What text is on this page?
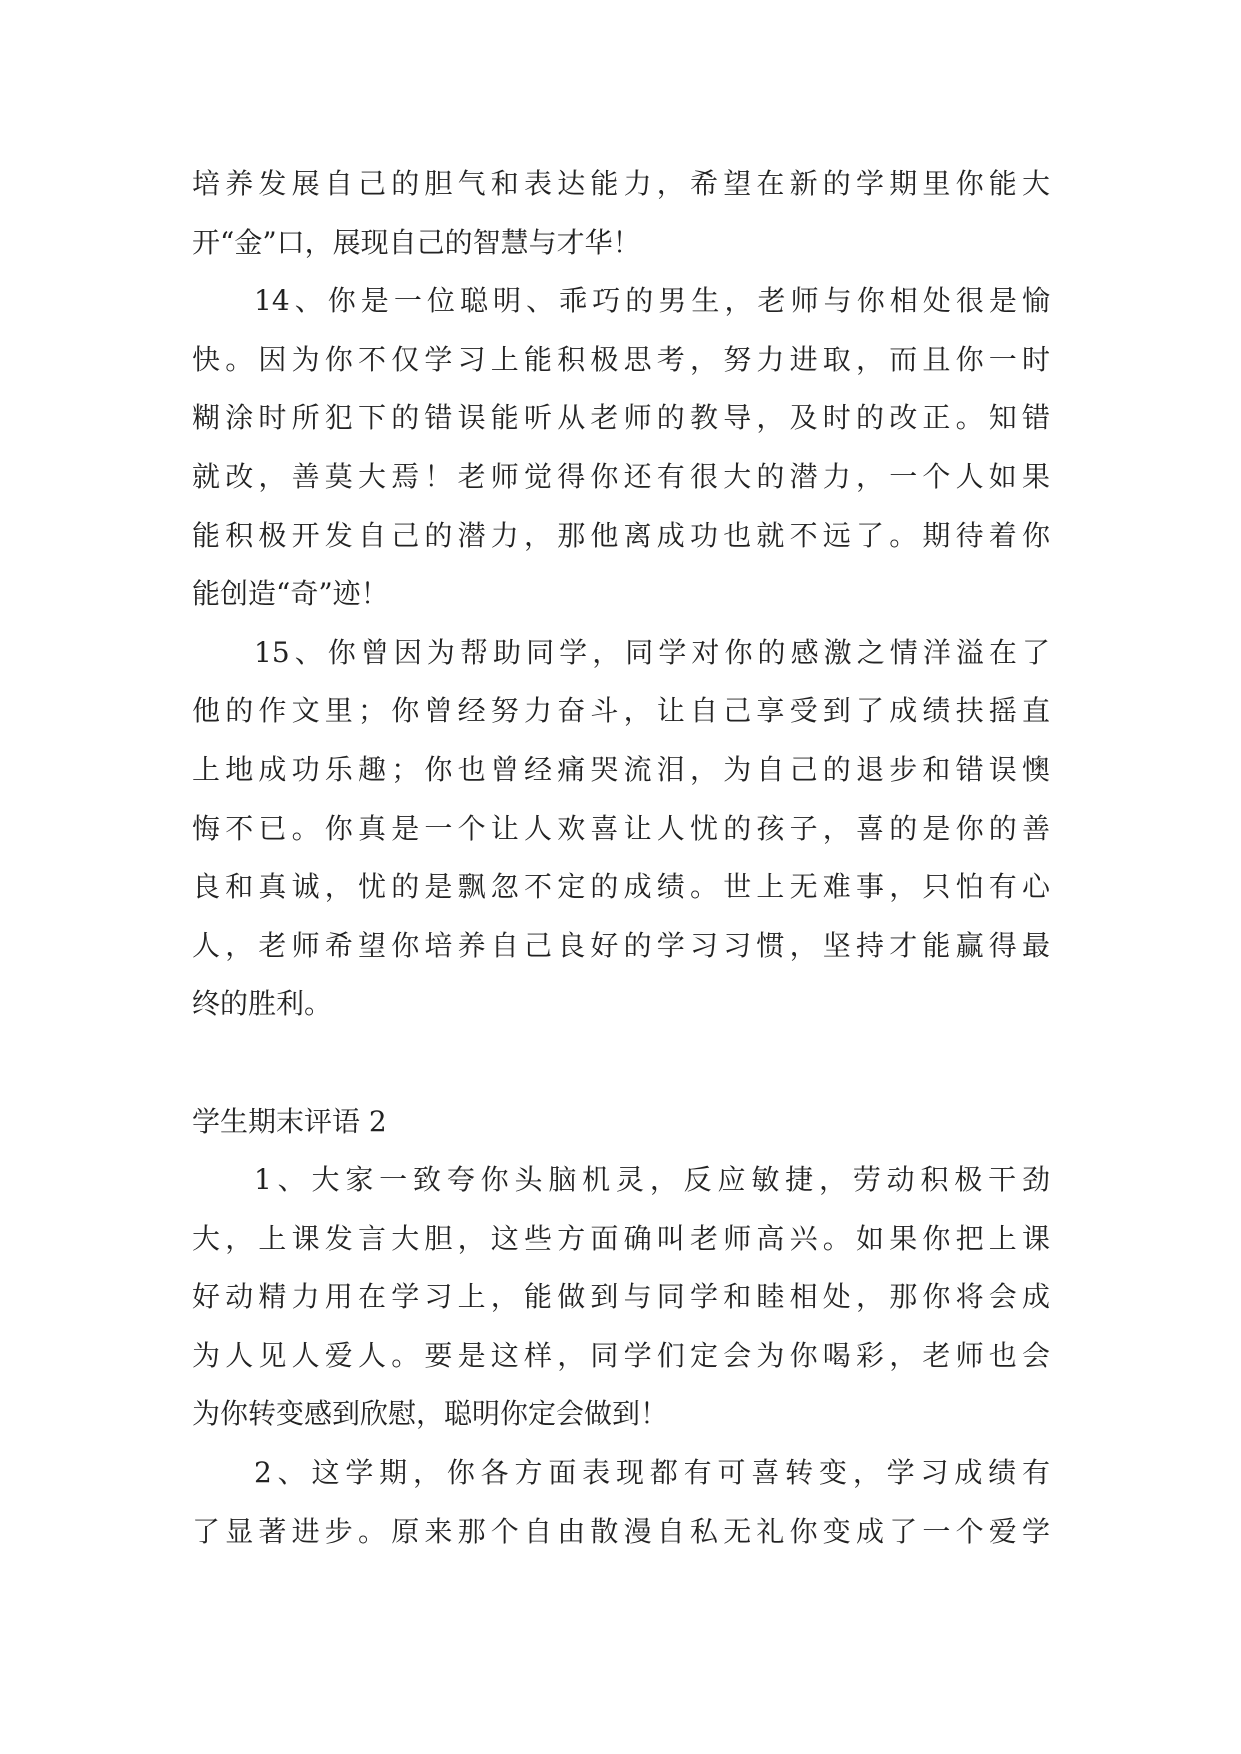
培养发展自己的胆气和表达能力，希望在新的学期里你能大
开“金”口，展现自己的智慧与才华！
14、你是一位聪明、乖巧的男生，老师与你相处很是愉
快。因为你不仅学习上能积极思考，努力进取，而且你一时
糊涂时所犯下的错误能听从老师的教导，及时的改正。知错
就改，善莫大焉！老师觉得你还有很大的潜力，一个人如果
能积极开发自己的潜力，那他离成功也就不远了。期待着你
能创造“奇”迹！
15、你曾因为帮助同学，同学对你的感激之情洋溢在了
他的作文里；你曾经努力奋斗，让自己享受到了成绩扶摇直
上地成功乐趣；你也曾经痛哭流泪，为自己的退步和错误懊
悔不已。你真是一个让人欢喜让人忧的孩子，喜的是你的善
良和真诚，忧的是飘忽不定的成绩。世上无难事，只怕有心
人，老师希望你培养自己良好的学习习惯，坚持才能赢得最
终的胜利。
学生期末评语 2
1、大家一致夸你头脑机灵，反应敏捷，劳动积极干劲
大，上课发言大胆，这些方面确叫老师高兴。如果你把上课
好动精力用在学习上，能做到与同学和睦相处，那你将会成
为人见人爱人。要是这样，同学们定会为你喝彩，老师也会
为你转变感到欣慰，聪明你定会做到！
2、这学期，你各方面表现都有可喜转变，学习成绩有
了显著进步。原来那个自由散漫自私无礼你变成了一个爱学
